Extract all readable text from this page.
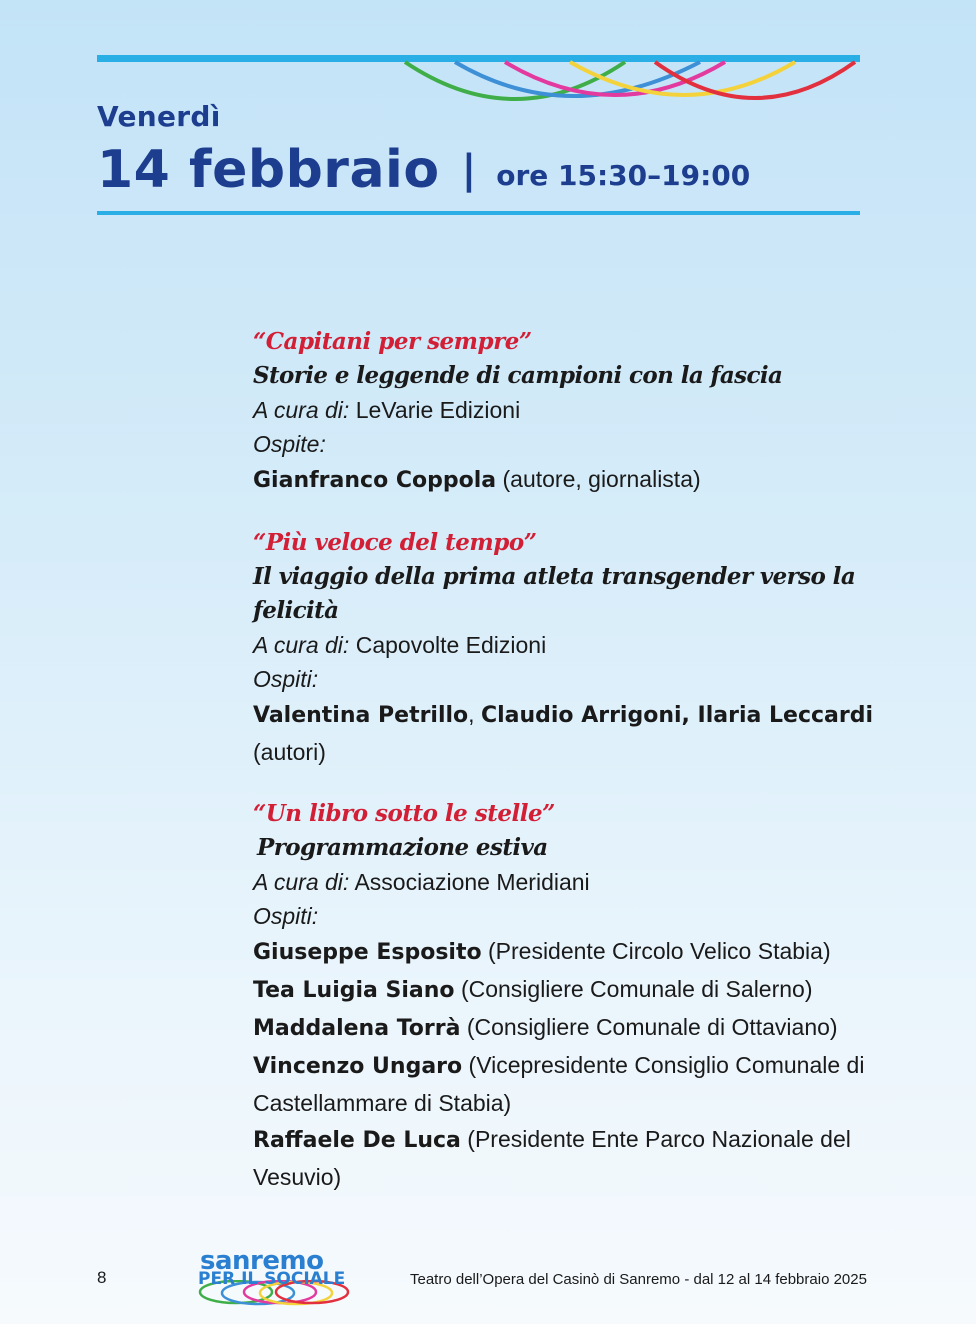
Venerdì
14 febbraio | ore 15:30–19:00
“Capitani per sempre”
Storie e leggende di campioni con la fascia
A cura di: LeVarie Edizioni
Ospite:
Gianfranco Coppola (autore, giornalista)
“Più veloce del tempo”
Il viaggio della prima atleta transgender verso la
felicità
A cura di: Capovolte Edizioni
Ospiti:
Valentina Petrillo, Claudio Arrigoni, Ilaria Leccardi
(autori)
“Un libro sotto le stelle”
Programmazione estiva
A cura di: Associazione Meridiani
Ospiti:
Giuseppe Esposito (Presidente Circolo Velico Stabia)
Tea Luigia Siano (Consigliere Comunale di Salerno)
Maddalena Torrà (Consigliere Comunale di Ottaviano)
Vincenzo Ungaro (Vicepresidente Consiglio Comunale di
Castellammare di Stabia)
Raffaele De Luca (Presidente Ente Parco Nazionale del
Vesuvio)
8
sanremo
PER IL SOCIALE	Teatro dell’Opera del Casinò di Sanremo - dal 12 al 14 febbraio 2025
